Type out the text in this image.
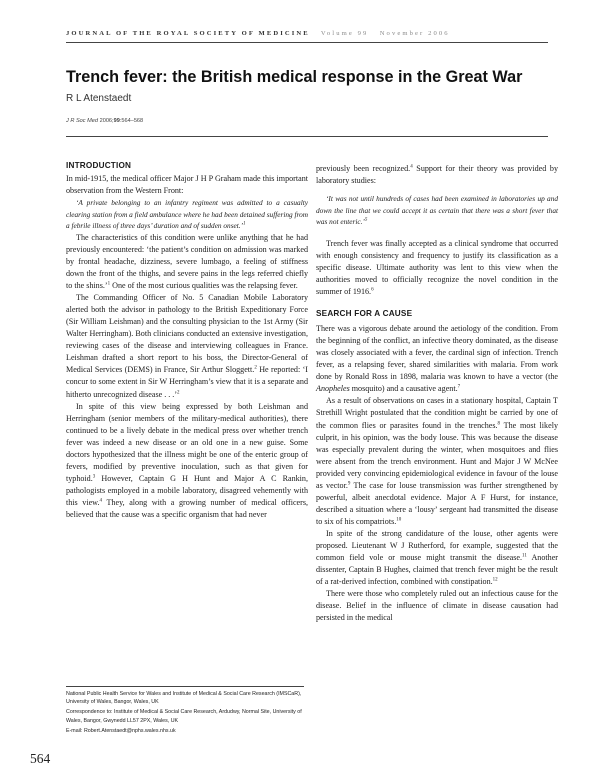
JOURNAL OF THE ROYAL SOCIETY OF MEDICINE Volume 99 November 2006
Trench fever: the British medical response in the Great War
R L Atenstaedt
J R Soc Med 2006;99:564–568
INTRODUCTION

In mid-1915, the medical officer Major J H P Graham made this important observation from the Western Front:

‘A private belonging to an infantry regiment was admitted to a casualty clearing station from a field ambulance where he had been detained suffering from a febrile illness of three days’ duration and of sudden onset.’$^1$

The characteristics of this condition were unlike anything that he had previously encountered: ‘the patient’s condition on admission was marked by frontal headache, dizziness, severe lumbago, a feeling of stiffness down the front of the thighs, and severe pains in the legs referred chiefly to the shins.’$^1$ One of the most curious qualities was the relapsing fever.

The Commanding Officer of No. 5 Canadian Mobile Laboratory alerted both the advisor in pathology to the British Expeditionary Force (Sir William Leishman) and the consulting physician to the 1st Army (Sir Walter Herringham). Both clinicians conducted an extensive investigation, reviewing cases of the disease and interviewing colleagues in France. Leishman drafted a short report to his boss, the Director-General of Medical Services (DEMS) in France, Sir Arthur Sloggett.$^2$ He reported: ‘I concur to some extent in Sir W Herringham’s view that it is a separate and hitherto unrecognized disease . . .’$^2$

In spite of this view being expressed by both Leishman and Herringham (senior members of the military-medical authorities), there continued to be a lively debate in the medical press over whether trench fever was indeed a new disease or an old one in a new guise. Some doctors hypothesized that the illness might be one of the enteric group of fevers, modified by preventive inoculation, such as that given for typhoid.$^3$ However, Captain G H Hunt and Major A C Rankin, pathologists employed in a mobile laboratory, disagreed vehemently with this view.$^4$ They, along with a growing number of medical officers, believed that the cause was a specific organism that had never

previously been recognized.$^4$ Support for their theory was provided by laboratory studies:

‘It was not until hundreds of cases had been examined in laboratories up and down the line that we could accept it as certain that there was a short fever that was not enteric.’$^5$

Trench fever was finally accepted as a clinical syndrome that occurred with enough consistency and frequency to justify its classification as a specific disease. Ultimate authority was lent to this view when the authorities moved to officially recognize the novel condition in the summer of 1916.$^6$

SEARCH FOR A CAUSE

There was a vigorous debate around the aetiology of the condition. From the beginning of the conflict, an infective theory dominated, as the disease was closely associated with a fever, the cardinal sign of infection. Trench fever, as a relapsing fever, shared similarities with malaria. From work done by Ronald Ross in 1898, malaria was known to have a vector (the Anopheles mosquito) and a causative agent.$^7$

As a result of observations on cases in a stationary hospital, Captain T Strethill Wright postulated that the condition might be carried by one of the common flies or parasites found in the trenches.$^8$ The most likely culprit, in his opinion, was the body louse. This was because the disease was especially prevalent during the winter, when mosquitoes and flies were absent from the trench environment. Hunt and Major J W McNee provided very convincing epidemiological evidence in favour of the louse as vector.$^9$ The case for louse transmission was further strengthened by powerful, albeit anecdotal evidence. Major A F Hurst, for instance, described a situation where a ‘lousy’ sergeant had transmitted the disease to six of his compatriots.$^{10}$

In spite of the strong candidature of the louse, other agents were proposed. Lieutenant W J Rutherford, for example, suggested that the common field vole or mouse might transmit the disease.$^{11}$ Another dissenter, Captain B Hughes, claimed that trench fever might be the result of a rat-derived infection, combined with constipation.$^{12}$

There were those who completely ruled out an infectious cause for the disease. Belief in the influence of climate in disease causation had persisted in the medical

National Public Health Service for Wales and Institute of Medical & Social Care Research (IMSCaR), University of Wales, Bangor, Wales, UK
Correspondence to: Institute of Medical & Social Care Research, Ardudwy, Normal Site, University of Wales, Bangor, Gwynedd LL57 2PX, Wales, UK
E-mail: Robert.Atenstaedt@nphs.wales.nhs.uk
564
